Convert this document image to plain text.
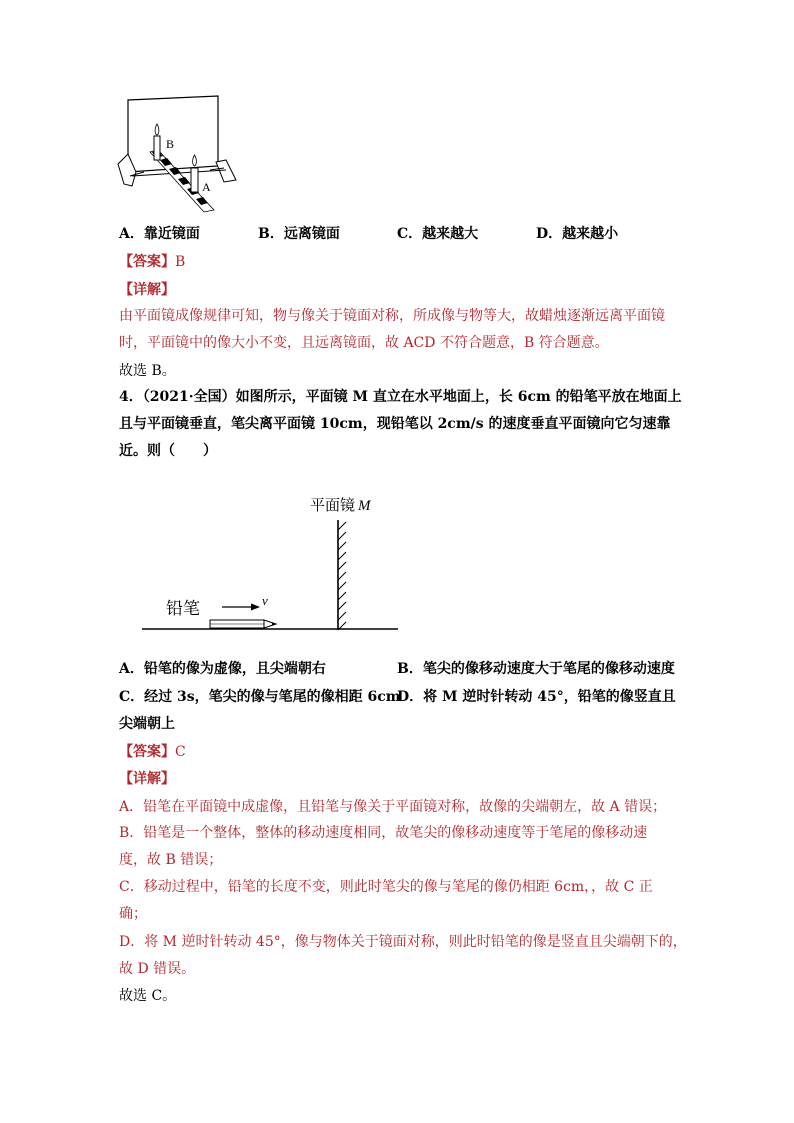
B
A
A．靠近镜面	B．远离镜面	C．越来越大	D．越来越小
【答案】B
【详解】
由平面镜成像规律可知，物与像关于镜面对称，所成像与物等大，故蜡烛逐渐远离平面镜
时，平面镜中的像大小不变，且远离镜面，故 ACD 不符合题意，B 符合题意。
故选 B。
4．（2021·全国）如图所示，平面镜 M 直立在水平地面上，长 6cm 的铅笔平放在地面上
且与平面镜垂直，笔尖离平面镜 10cm，现铅笔以 2cm/s 的速度垂直平面镜向它匀速靠
近。则（　　）
平面镜 M
铅笔	v
A．铅笔的像为虚像，且尖端朝右	B．笔尖的像移动速度大于笔尾的像移动速度
C．经过 3s，笔尖的像与笔尾的像相距 6cm
D．将 M 逆时针转动 45°，铅笔的像竖直且
尖端朝上
【答案】C
【详解】
A．铅笔在平面镜中成虚像，且铅笔与像关于平面镜对称，故像的尖端朝左，故 A 错误；
B．铅笔是一个整体，整体的移动速度相同，故笔尖的像移动速度等于笔尾的像移动速
度，故 B 错误；
C．移动过程中，铅笔的长度不变，则此时笔尖的像与笔尾的像仍相距 6cm，，故 C 正
确；
D．将 M 逆时针转动 45°，像与物体关于镜面对称，则此时铅笔的像是竖直且尖端朝下的，
故 D 错误。
故选 C。
